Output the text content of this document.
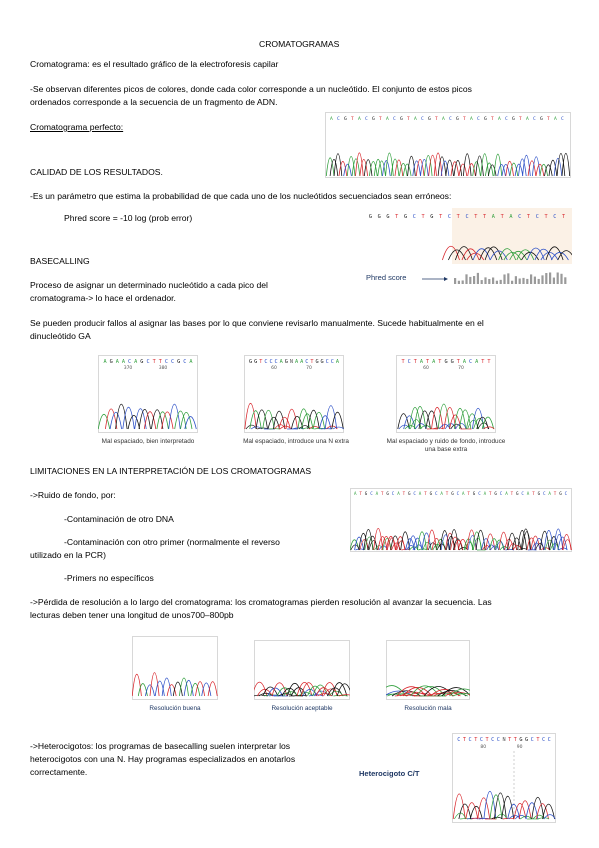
CROMATOGRAMAS
Cromatograma: es el resultado gráfico de la electroforesis capilar
-Se observan diferentes picos de colores, donde cada color corresponde a un nucleótido. El conjunto de estos picos
ordenados corresponde a la secuencia de un fragmento de ADN.
Cromatograma perfecto:
A C G T A C G T A C G T A C G T A C G T A C G T A C G T A C G T A C
CALIDAD DE LOS RESULTADOS.
-Es un parámetro que estima la probabilidad de que cada uno de los nucleótidos secuenciados sean erróneos:
Phred score = -10 log (prob error)	G G G T G C T G T C T C T T A T A C T C T C T
Phred score
BASECALLING
Proceso de asignar un determinado nucleótido a cada pico del
cromatograma-> lo hace el ordenador.
Se pueden producir fallos al asignar las bases por lo que conviene revisarlo manualmente. Sucede habitualmente en el
dinucleótido GA
A G A A C A G C T T C C G C A
370	380
Mal espaciado, bien interpretado
G G T C C C A G N A A C T G G C C A
60	70
Mal espaciado, introduce una N extra
T C T A T A T G G T A C A T T
60	70
Mal espaciado y ruido de fondo, introduce una base extra
LIMITACIONES EN LA INTERPRETACIÓN DE LOS CROMATOGRAMAS
->Ruido de fondo, por:
-Contaminación de otro DNA
-Contaminación con otro primer (normalmente el reverso
utilizado en la PCR)
-Primers no específicos
A T G C A T G C A T G C A T G C A T G C A T G C A T G C A T G C A T G C A T G C
->Pérdida de resolución a lo largo del cromatograma: los cromatogramas pierden resolución al avanzar la secuencia. Las
lecturas deben tener una longitud de unos700–800pb
Resolución buena	Resolución aceptable	Resolución mala
->Heterocigotos: los programas de basecalling suelen interpretar los
heterocigotos con una N. Hay programas especializados en anotarlos
correctamente.	Heterocigoto C/T
C T C T C T C C N T T G G C T C C
80	90
